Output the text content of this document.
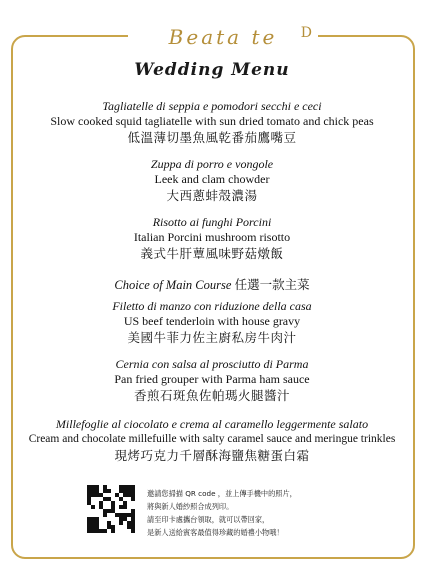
Beata te D
Wedding Menu
Tagliatelle di seppia e pomodori secchi e ceci
Slow cooked squid tagliatelle with sun dried tomato and chick peas
低溫薄切墨魚風乾番茄鷹嘴豆
Zuppa di porro e vongole
Leek and clam chowder
大西蔥蚌殼濃湯
Risotto ai funghi Porcini
Italian Porcini mushroom risotto
義式牛肝蕈風味野菇燉飯
Choice of Main Course 任選一款主菜
Filetto di manzo con riduzione della casa
US beef tenderloin with house gravy
美國牛菲力佐主廚私房牛肉汁
Cernia con salsa al prosciutto di Parma
Pan fried grouper with Parma ham sauce
香煎石斑魚佐帕瑪火腿醬汁
Millefoglie al ciocolato e crema al caramello leggermente salato
Cream and chocolate millefuille with salty caramel sauce and meringue trinkles
現烤巧克力千層酥海鹽焦糖蛋白霜
邀請您掃描 QR code ，並上傳手機中的照片，
將與新人婚紗照合成列印。
請至印卡處攜台領取，就可以帶回家，
是新人送給賓客最值得珍藏的婚禮小物哦！
